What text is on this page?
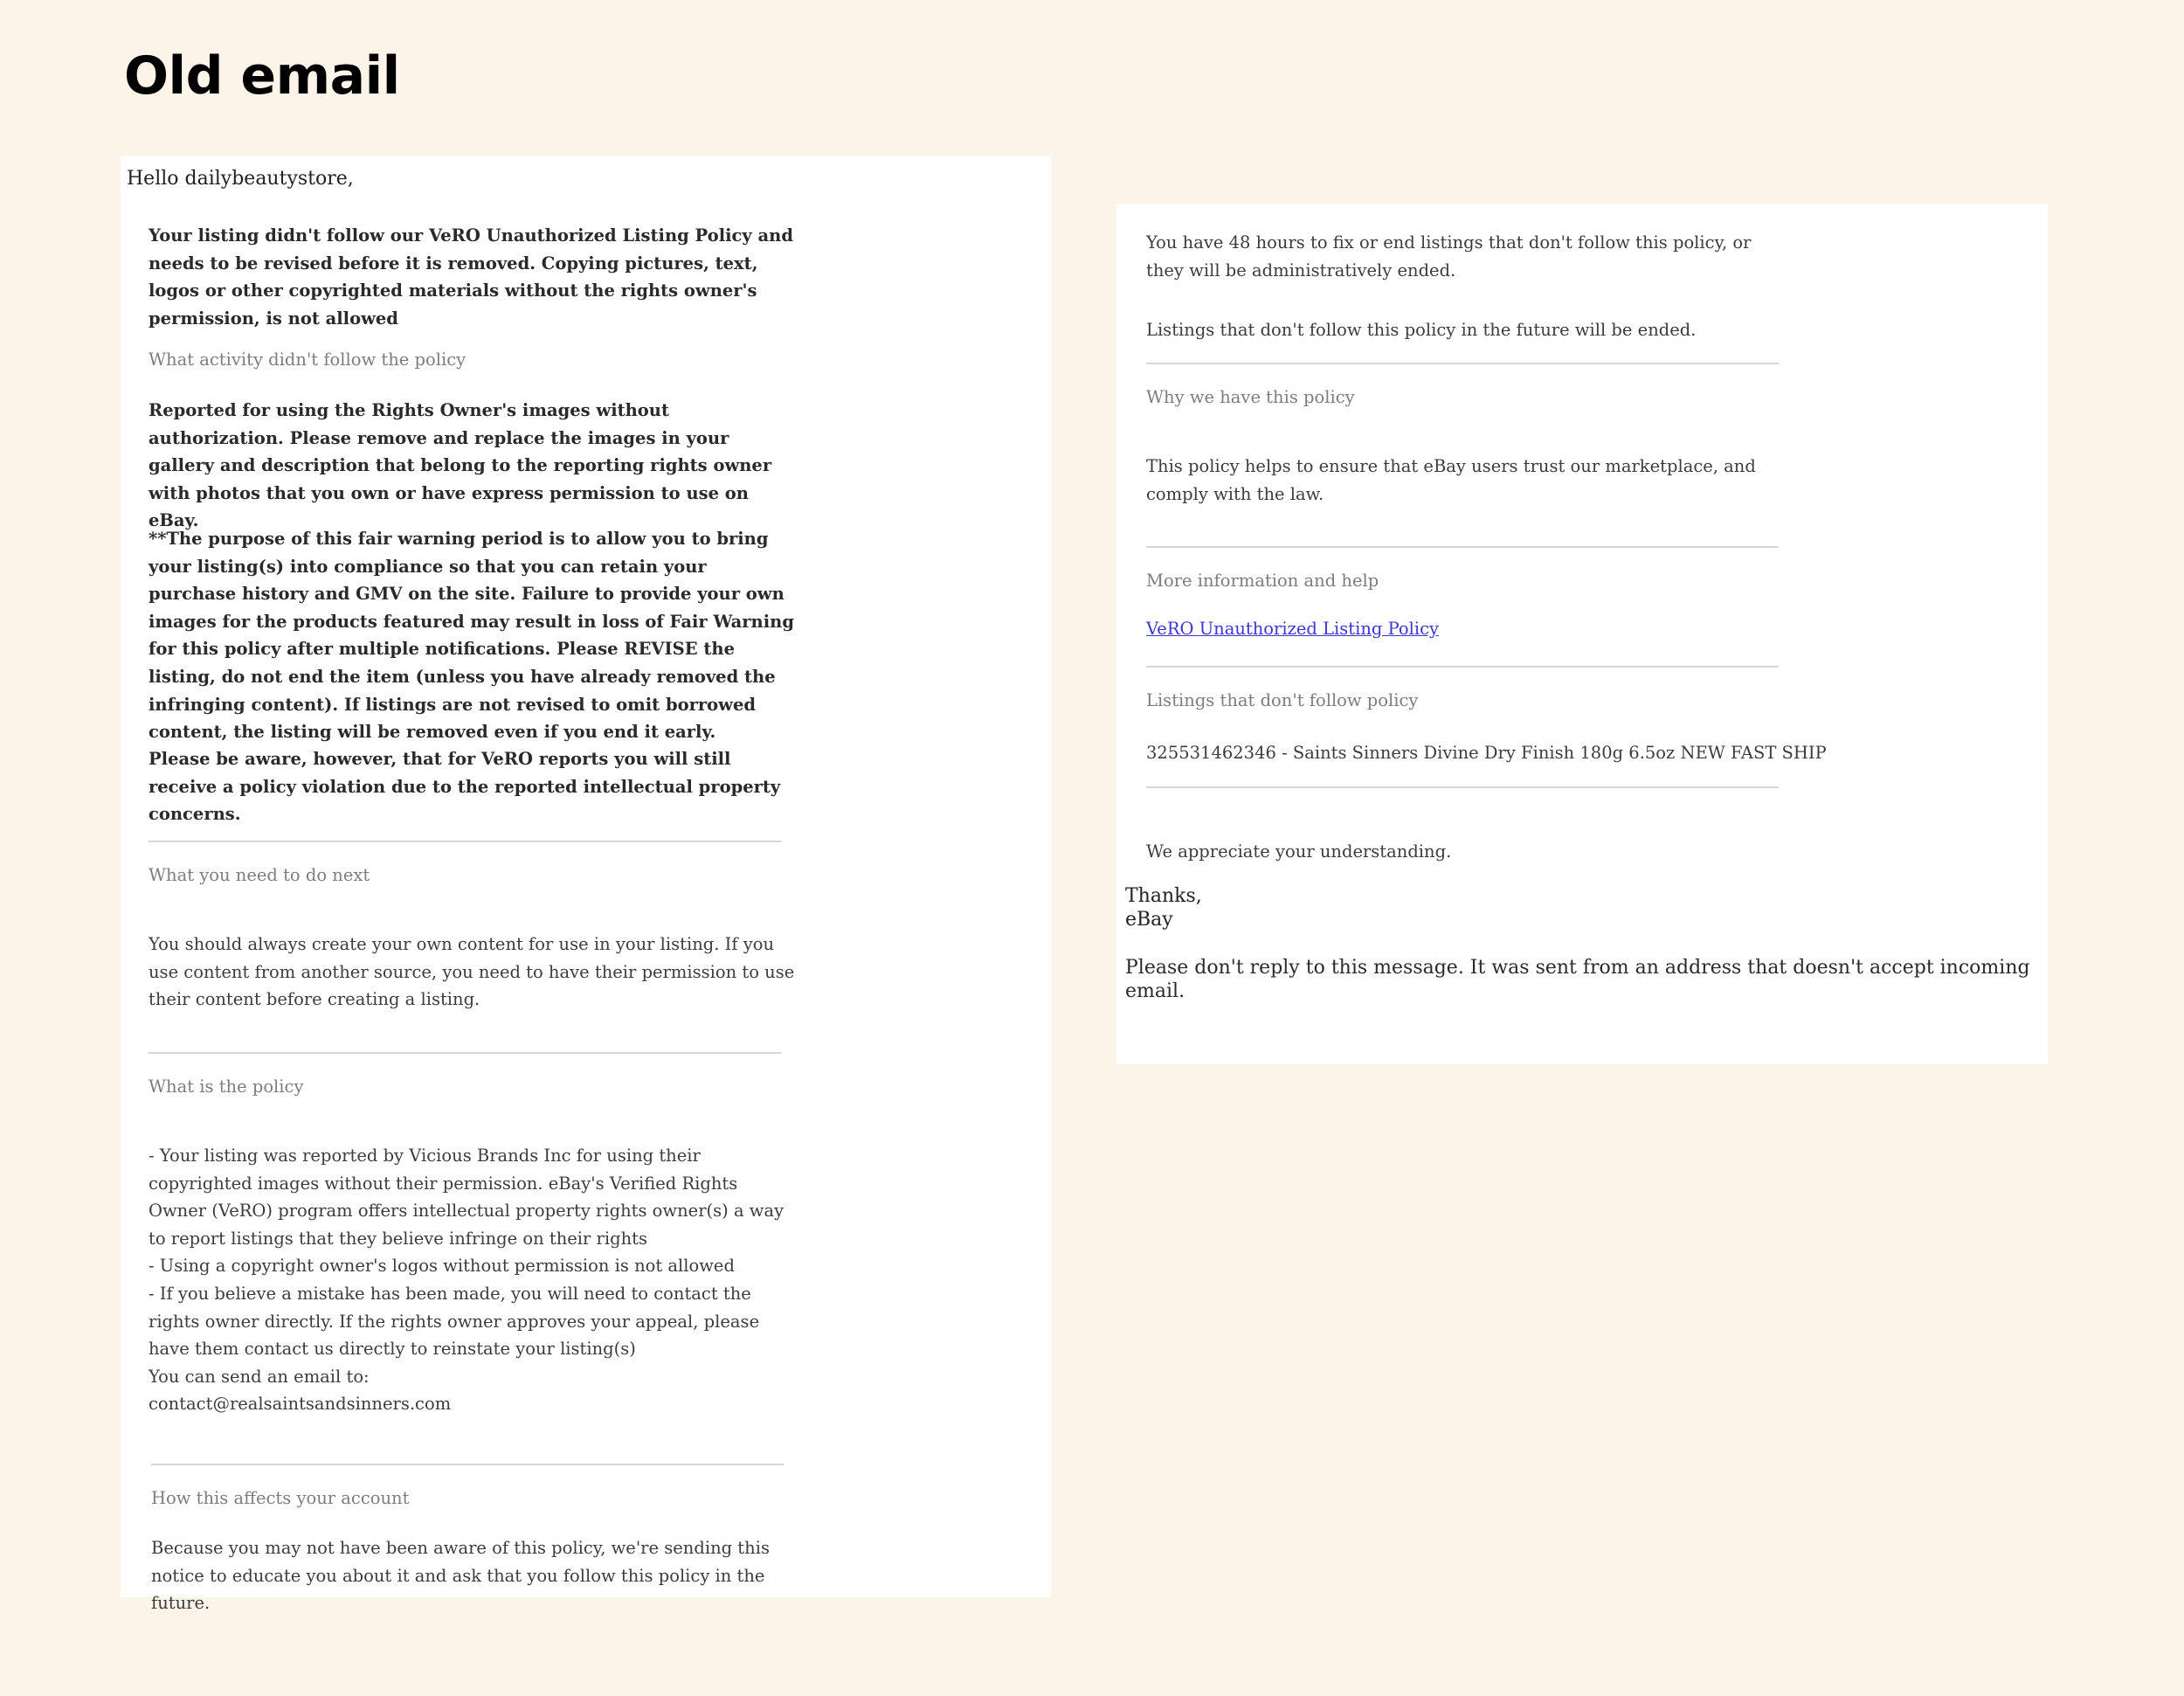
Old email

Hello dailybeautystore,

Your listing didn't follow our VeRO Unauthorized Listing Policy and needs to be revised before it is removed. Copying pictures, text, logos or other copyrighted materials without the rights owner's permission, is not allowed

What activity didn't follow the policy

Reported for using the Rights Owner's images without authorization. Please remove and replace the images in your gallery and description that belong to the reporting rights owner with photos that you own or have express permission to use on eBay.

**The purpose of this fair warning period is to allow you to bring your listing(s) into compliance so that you can retain your purchase history and GMV on the site. Failure to provide your own images for the products featured may result in loss of Fair Warning for this policy after multiple notifications. Please REVISE the listing, do not end the item (unless you have already removed the infringing content). If listings are not revised to omit borrowed content, the listing will be removed even if you end it early.

Please be aware, however, that for VeRO reports you will still receive a policy violation due to the reported intellectual property concerns.

What you need to do next

You should always create your own content for use in your listing. If you use content from another source, you need to have their permission to use their content before creating a listing.

What is the policy

- Your listing was reported by Vicious Brands Inc for using their copyrighted images without their permission. eBay's Verified Rights Owner (VeRO) program offers intellectual property rights owner(s) a way to report listings that they believe infringe on their rights
- Using a copyright owner's logos without permission is not allowed
- If you believe a mistake has been made, you will need to contact the rights owner directly. If the rights owner approves your appeal, please have them contact us directly to reinstate your listing(s)
You can send an email to:
contact@realsaintsandsinners.com

How this affects your account

Because you may not have been aware of this policy, we're sending this notice to educate you about it and ask that you follow this policy in the future.

You have 48 hours to fix or end listings that don't follow this policy, or they will be administratively ended.

Listings that don't follow this policy in the future will be ended.

Why we have this policy

This policy helps to ensure that eBay users trust our marketplace, and comply with the law.

More information and help

VeRO Unauthorized Listing Policy

Listings that don't follow policy

325531462346 - Saints Sinners Divine Dry Finish 180g 6.5oz NEW FAST SHIP

We appreciate your understanding.

Thanks,
eBay

Please don't reply to this message. It was sent from an address that doesn't accept incoming email.
